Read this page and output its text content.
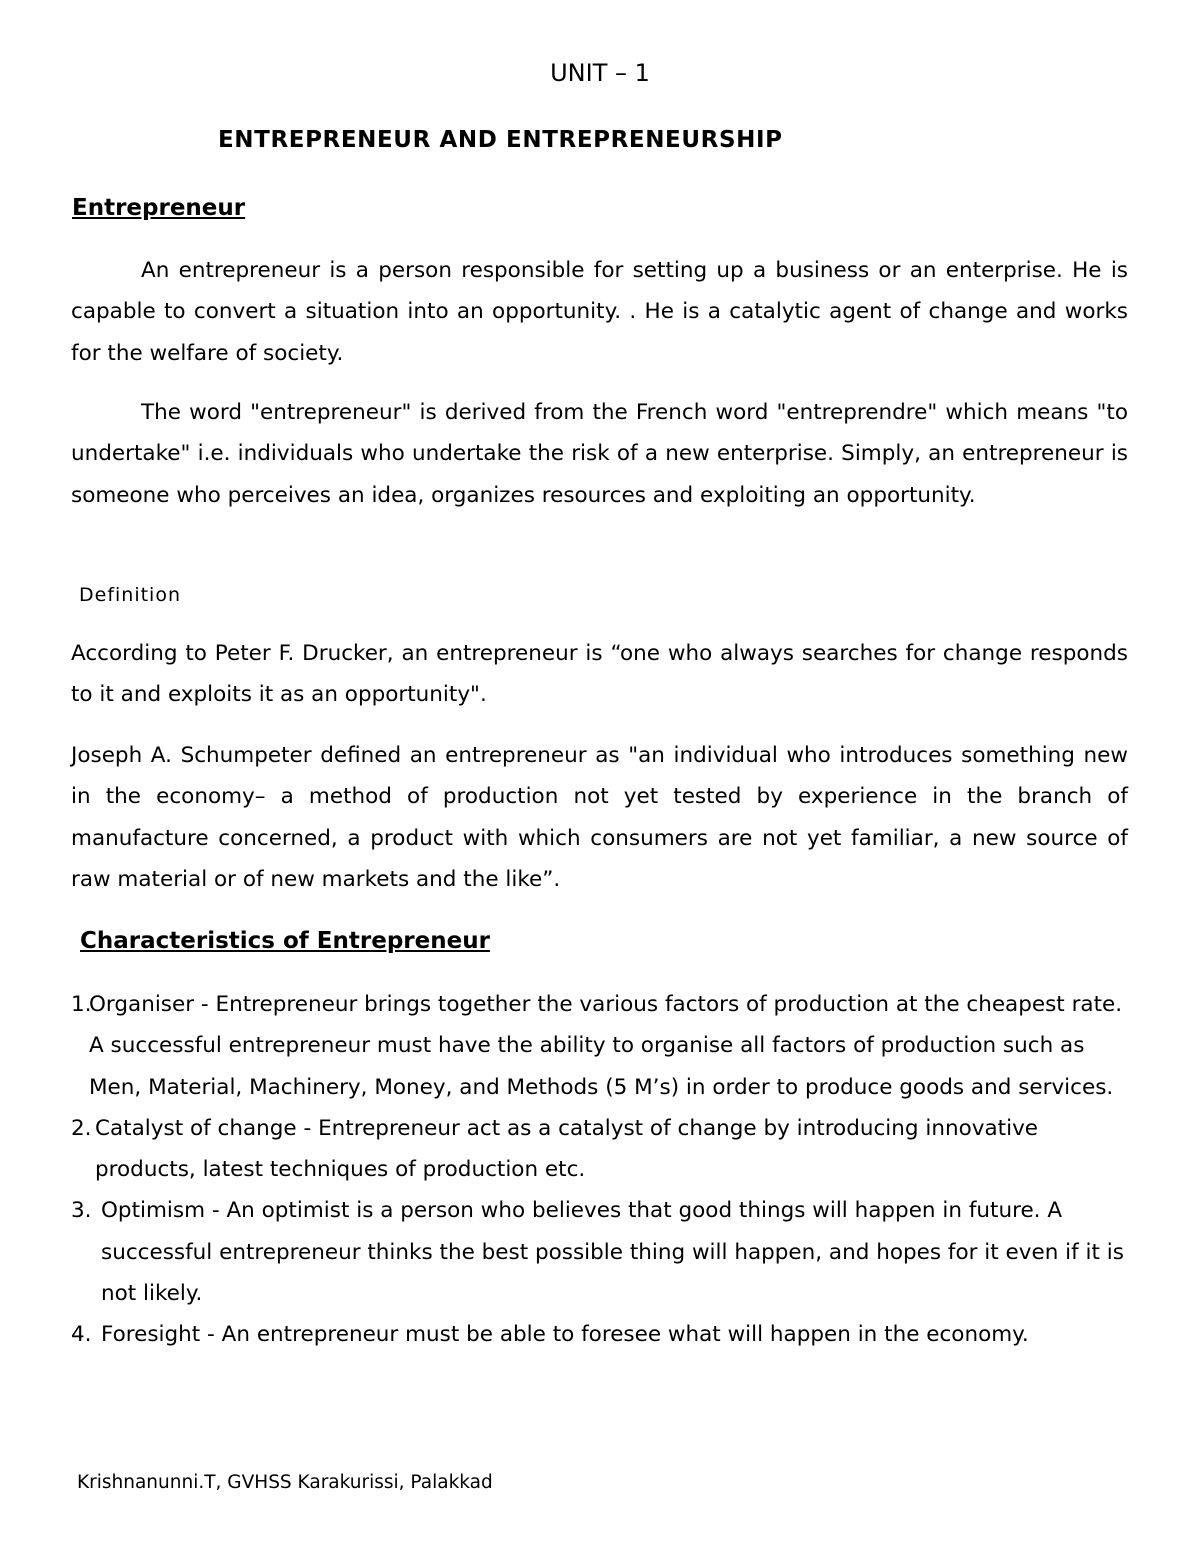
UNIT – 1
ENTREPRENEUR AND ENTREPRENEURSHIP
Entrepreneur

An entrepreneur is a person responsible for setting up a business or an enterprise. He is capable to convert a situation into an opportunity. . He is a catalytic agent of change and works for the welfare of society.

The word "entrepreneur" is derived from the French word "entreprendre" which means "to undertake" i.e. individuals who undertake the risk of a new enterprise. Simply, an entrepreneur is someone who perceives an idea, organizes resources and exploiting an opportunity.

Definition

According to Peter F. Drucker, an entrepreneur is “one who always searches for change responds to it and exploits it as an opportunity".

Joseph A. Schumpeter defined an entrepreneur as "an individual who introduces something new in the economy– a method of production not yet tested by experience in the branch of manufacture concerned, a product with which consumers are not yet familiar, a new source of raw material or of new markets and the like”.

Characteristics of Entrepreneur
1.
Organiser - Entrepreneur brings together the various factors of production at the cheapest rate. A successful entrepreneur must have the ability to organise all factors of production such as Men, Material, Machinery, Money, and Methods (5 M’s) in order to produce goods and services.
2. Catalyst of change - Entrepreneur act as a catalyst of change by introducing innovative products, latest techniques of production etc.
3. Optimism - An optimist is a person who believes that good things will happen in future. A successful entrepreneur thinks the best possible thing will happen, and hopes for it even if it is not likely.
4. Foresight - An entrepreneur must be able to foresee what will happen in the economy.
Krishnanunni.T, GVHSS Karakurissi, Palakkad
